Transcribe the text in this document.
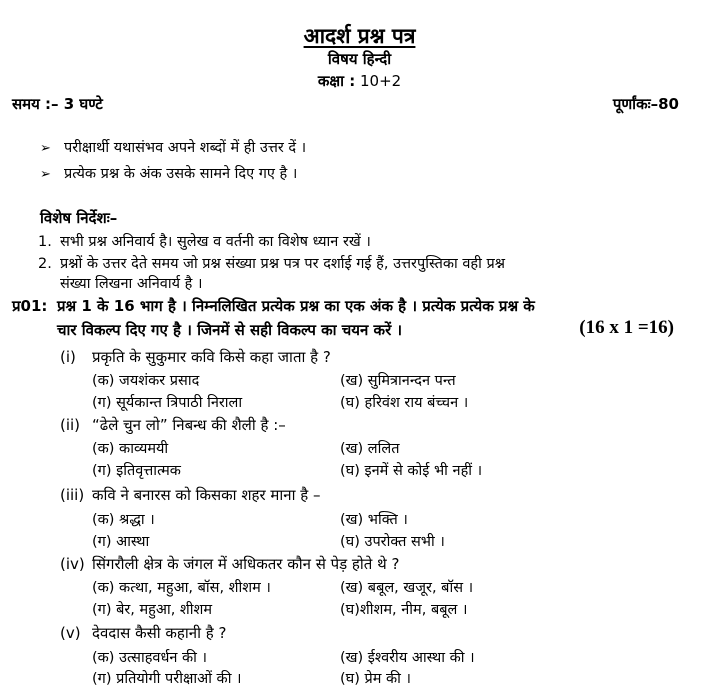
आदर्श प्रश्न पत्र
विषय हिन्दी
कक्षा : 10+2
समय :– 3 घण्टे	पूर्णांकः–80
➢ परीक्षार्थी यथासंभव अपने शब्दों में ही उत्तर दें ।
➢ प्रत्येक प्रश्न के अंक उसके सामने दिए गए है ।
विशेष निर्देशः–
1. सभी प्रश्न अनिवार्य है। सुलेख व वर्तनी का विशेष ध्यान रखें ।
2. प्रश्नों के उत्तर देते समय जो प्रश्न संख्या प्रश्न पत्र पर दर्शाई गई हैं, उत्तरपुस्तिका वही प्रश्न
संख्या लिखना अनिवार्य है ।
प्र01: प्रश्न 1 के 16 भाग है । निम्नलिखित प्रत्येक प्रश्न का एक अंक है । प्रत्येक प्रत्येक प्रश्न के
चार विकल्प दिए गए है । जिनमें से सही विकल्प का चयन करें ।	(16 x 1 =16)
(i) प्रकृति के सुकुमार कवि किसे कहा जाता है ?
(क) जयशंकर प्रसाद	(ख) सुमित्रानन्दन पन्त
(ग) सूर्यकान्त त्रिपाठी निराला	(घ) हरिवंश राय बंच्चन ।
(ii) “ढेले चुन लो” निबन्ध की शैली है :–
(क) काव्यमयी	(ख) ललित
(ग) इतिवृत्तात्मक	(घ) इनमें से कोई भी नहीं ।
(iii) कवि ने बनारस को किसका शहर माना है –
(क) श्रद्धा ।	(ख) भक्ति ।
(ग) आस्था	(घ) उपरोक्त सभी ।
(iv) सिंगरौली क्षेत्र के जंगल में अधिकतर कौन से पेड़ होते थे ?
(क) कत्था, महुआ, बॉस, शीशम ।	(ख) बबूल, खजूर, बॉस ।
(ग) बेर, महुआ, शीशम	(घ)शीशम, नीम, बबूल ।
(v) देवदास कैसी कहानी है ?
(क) उत्साहवर्धन की ।	(ख) ईश्वरीय आस्था की ।
(ग) प्रतियोगी परीक्षाओं की ।	(घ) प्रेम की ।
